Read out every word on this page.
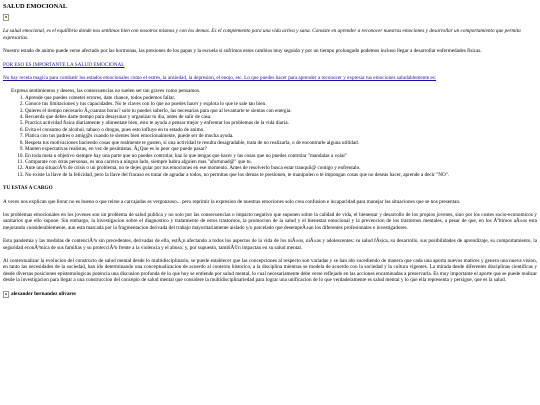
SALUD EMOCIONAL

La salud emocional, es el equilibrio donde nos sentimos bien con nosotros mismos y con los demas. Es el complemento para una vida activa y sana. Consiste en aprender a reconocer nuestras emociones y desarrollar un comportamiento que permita expresarlas.

Nuestro estado de animo puede verse afectado por las hormonas, las presiones de los papas y la escuela si sufrimos estos cambios muy seguido y por un tiempo prolongado podemos incluso llegar a desarrollar enfermedades fisicas.

POR ESO ES IMPORTANTE LA SALUD EMOCIONAL
No hay receta magica para combatir los estados emocionales como el estres, la ansiedad, la depresion, el enojo, etc. Lo que puedes hacer para aprender a reconocer y expresar tus emociones saludablemente es:
Expresa sentimientos y deseos, las consecuencias no suelen ser tan graves como pensamos.
1. Aprende que puedes cometer errores, date chance, todos podemos fallar.
2. Conoce tus limitaciones y tus capacidades. No te claves con lo que no puedes hacer y explota lo que te sale tan bien.
3. Quieres el tiempo necesario Â¿cuantas horas? solo tu puedes saberlo, las necesarias para que al levantarte te sientas con energia.
4. Recuerda que debes darte tiempo para desayunar y organizar tu dia, antes de salir de casa.
5. Practica actividad fisica diariamente y alimentate bien, esto te ayuda a pensar mejor y enfrentar los problemas de la vida diaria.
6. Evita el consumo de alcohol, tabaco o drogas, pues esto influye en tu estado de animo.
7. Platica con tus padres o amig@s cuando te sientes bien emocionalmente, puede ser de mucha ayuda.
8. Respeta tus motivaciones haciendo cosas que realmente te gusten, si una actividad te resulta desagradable, trata de no realizarla, o de encontrarle alguna utilidad.
9. Manten expectativas realistas, en vez de pesimistas. Â¿Que es lo peor que puede pasar?
10. En toda meta u objetivo siempre hay una parte que no puedes controlar, haz lo que tengas que hacer y las cosas que no puedes controlar "mandalas a volar"
11. Comparate con otras personas, es una carrera a ningun lado, siempre habra alguien mas "afortunad@" que tu.
12. Ante una situaciÃ³n de crisis o un problema, no te dejes guiar por tus emociones en ese momento. Antes de resolverlo busca estar tranquil@ contigo y enfrentalo.
13. No existe la llave de la felicidad, pero la llave del fracaso es tratar de agradar a todos, no permitas que los demas te presionen, te manipulen o te impongan cosas que no deseas hacer, aprende a decir "NO".
TU ESTAS A CARGO

A veces nos explican que llorar no es bueno o que reirse a carcajadas es vergonzoso... pero reprimir la expresion de nuestras emociones solo crea confusion e incapacidad para manejar las situaciones que se nos presentan.

los problemas emocionales en los jovenes son un problema de salud publica y no solo por las consecuencias o impacto negativo que suponen sobre la calidad de vida, el bienestar y desarrollo de los propios jovenes, sino por los costes socio-economicos y sanitarios que ello supone. Sin embargo, la investigacion sobre el diagnostico y tratamiento de estos trastornos, la promocion de la salud y el bienestar emocional y la prevencion de los trastornos mentales, a pesar de que, en los Ãºltimos aÃ±os esta mejorando considerablemente, aun esta marcada por la fragmentacion derivada del trabajo mayoritariamente aislado y/o parcelado que desempeÃ±an los diferentes profesionales e investigadores.

Esta pandemia y las medidas de contenciÃ³n sin precedentes, derivadas de ella, estÃ¡n afectando a todos los aspectos de la vida de los niÃ±os, niÃ±as y adolescentes: su salud fÃsica, su desarrollo, sus posibilidades de aprendizaje, su comportamiento, la seguridad econÃ³mica de sus familias y su protecciÃ³n frente a la violencia y el abuso; y, por supuesto, tambiÃ©n impactan en su salud mental.

Al contextualizar la evolucion del constructo de salud mental desde lo multidisciplinario, se puede establecer que las concepciones al respecto son variadas y se han ido sucediendo de manera que cada una aporta nuevos matices y genera una nueva vision, en tanto las necesidades de la sociedad, han ido determinando una conceptualizacion de acuerdo al contexto historico, a la disciplina mientras se modela de acuerdo con la sociedad y la cultura vigentes. La mirada desde diferentes disciplinas cientificas y desde diversas posiciones epistemologicas potencia una discusion profunda de lo que hoy se entiende por salud mental, lo cual necesariamente debe verse reflejado en las acciones encaminadas a preservarla. Es muy importante el aporte que se puede realizar desde la investigacion para llegar a una construccion del concepto de salud mental que considere la multidisciplinariedad para lograr una unificacion de lo que verdaderamente es salud mental y lo que ella representa y persigue, que es la salud.

alexander hernandez olivares
